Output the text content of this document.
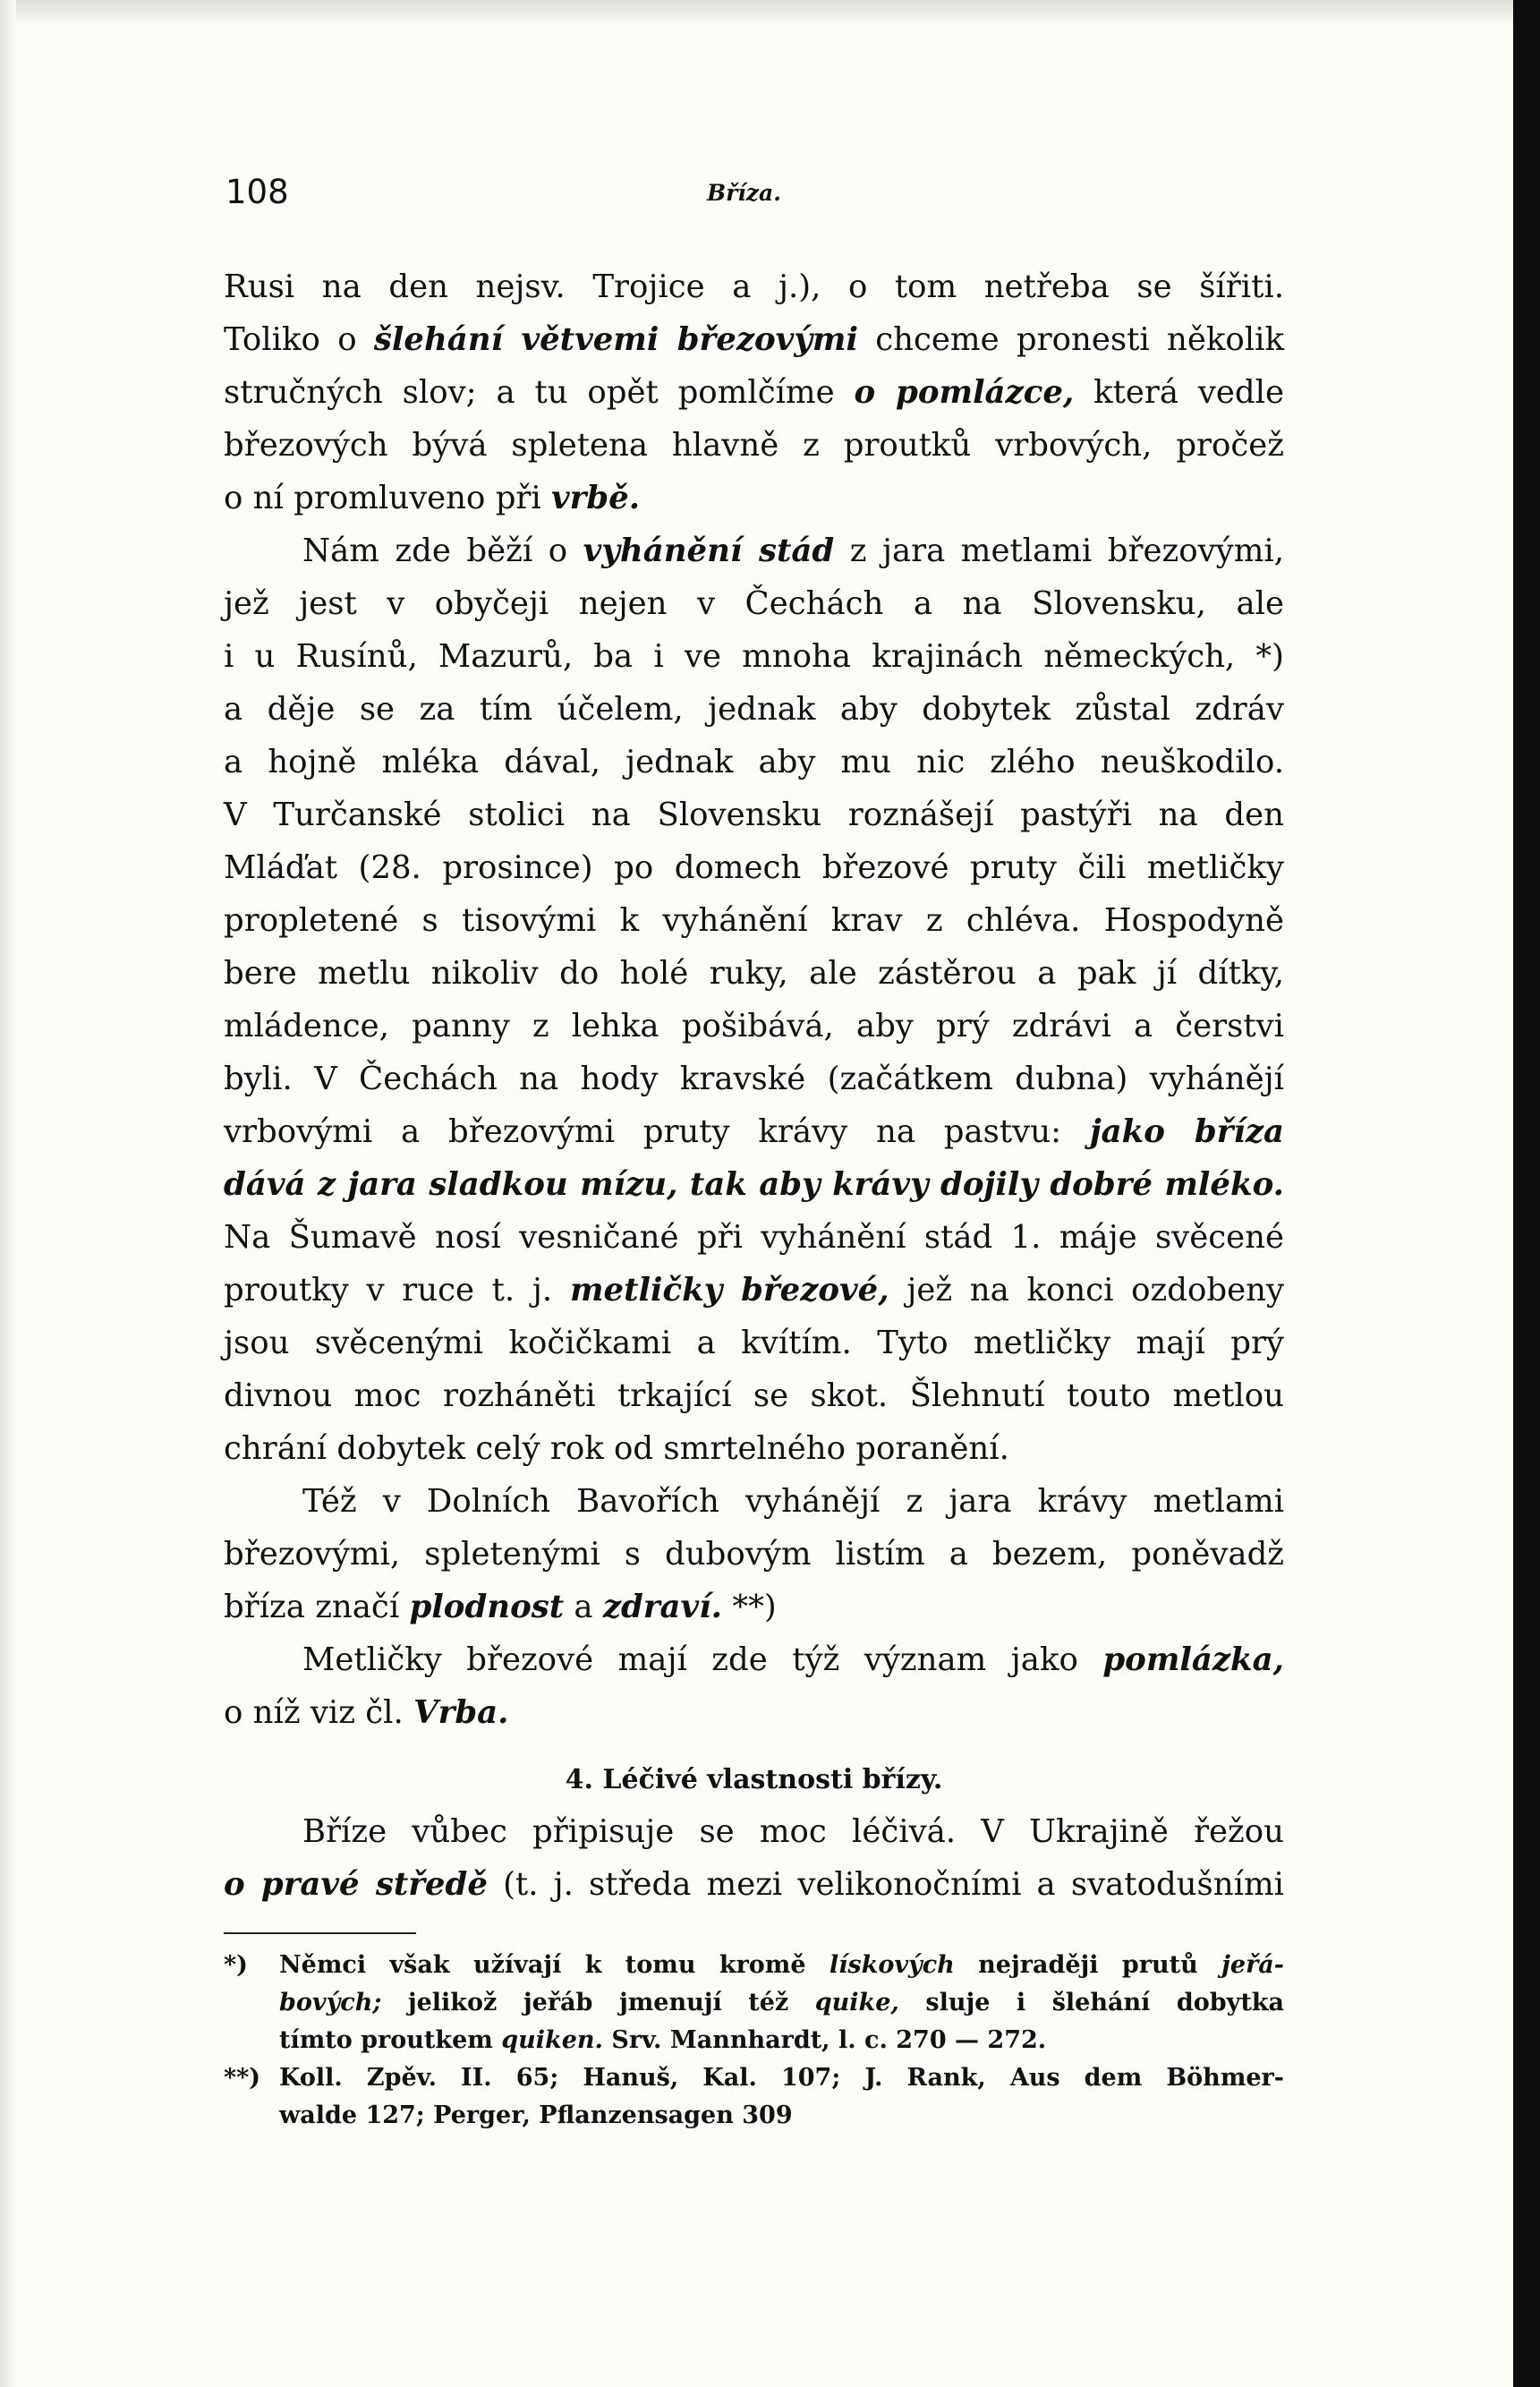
108	Bříza.
Rusi na den nejsv. Trojice a j.), o tom netřeba se šířiti.
Toliko o šlehání větvemi březovými chceme pronesti několik
stručných slov; a tu opět pomlčíme o pomlázce, která vedle
březových bývá spletena hlavně z proutků vrbových, pročež
o ní promluveno při vrbě.
Nám zde běží o vyhánění stád z jara metlami březovými,
jež jest v obyčeji nejen v Čechách a na Slovensku, ale
i u Rusínů, Mazurů, ba i ve mnoha krajinách německých, *)
a děje se za tím účelem, jednak aby dobytek zůstal zdráv
a hojně mléka dával, jednak aby mu nic zlého neuškodilo.
V Turčanské stolici na Slovensku roznášejí pastýři na den
Mláďat (28. prosince) po domech březové pruty čili metličky
propletené s tisovými k vyhánění krav z chléva. Hospodyně
bere metlu nikoliv do holé ruky, ale zástěrou a pak jí dítky,
mládence, panny z lehka pošibává, aby prý zdrávi a čerstvi
byli. V Čechách na hody kravské (začátkem dubna) vyhánějí
vrbovými a březovými pruty krávy na pastvu: jako bříza
dává z jara sladkou mízu, tak aby krávy dojily dobré mléko.
Na Šumavě nosí vesničané při vyhánění stád 1. máje svěcené
proutky v ruce t. j. metličky březové, jež na konci ozdobeny
jsou svěcenými kočičkami a kvítím. Tyto metličky mají prý
divnou moc rozháněti trkající se skot. Šlehnutí touto metlou
chrání dobytek celý rok od smrtelného poranění.
Též v Dolních Bavořích vyhánějí z jara krávy metlami
březovými, spletenými s dubovým listím a bezem, poněvadž
bříza značí plodnost a zdraví. **)
Metličky březové mají zde týž význam jako pomlázka,
o níž viz čl. Vrba.
4. Léčivé vlastnosti břízy.
Bříze vůbec připisuje se moc léčivá. V Ukrajině řežou
o pravé středě (t. j. středa mezi velikonočními a svatodušními
*) Němci však užívají k tomu kromě lískových nejraději prutů jeřá-
bových; jelikož jeřáb jmenují též quike, sluje i šlehání dobytka
tímto proutkem quiken. Srv. Mannhardt, l. c. 270 — 272.
**) Koll. Zpěv. II. 65; Hanuš, Kal. 107; J. Rank, Aus dem Böhmer-
walde 127; Perger, Pflanzensagen 309
